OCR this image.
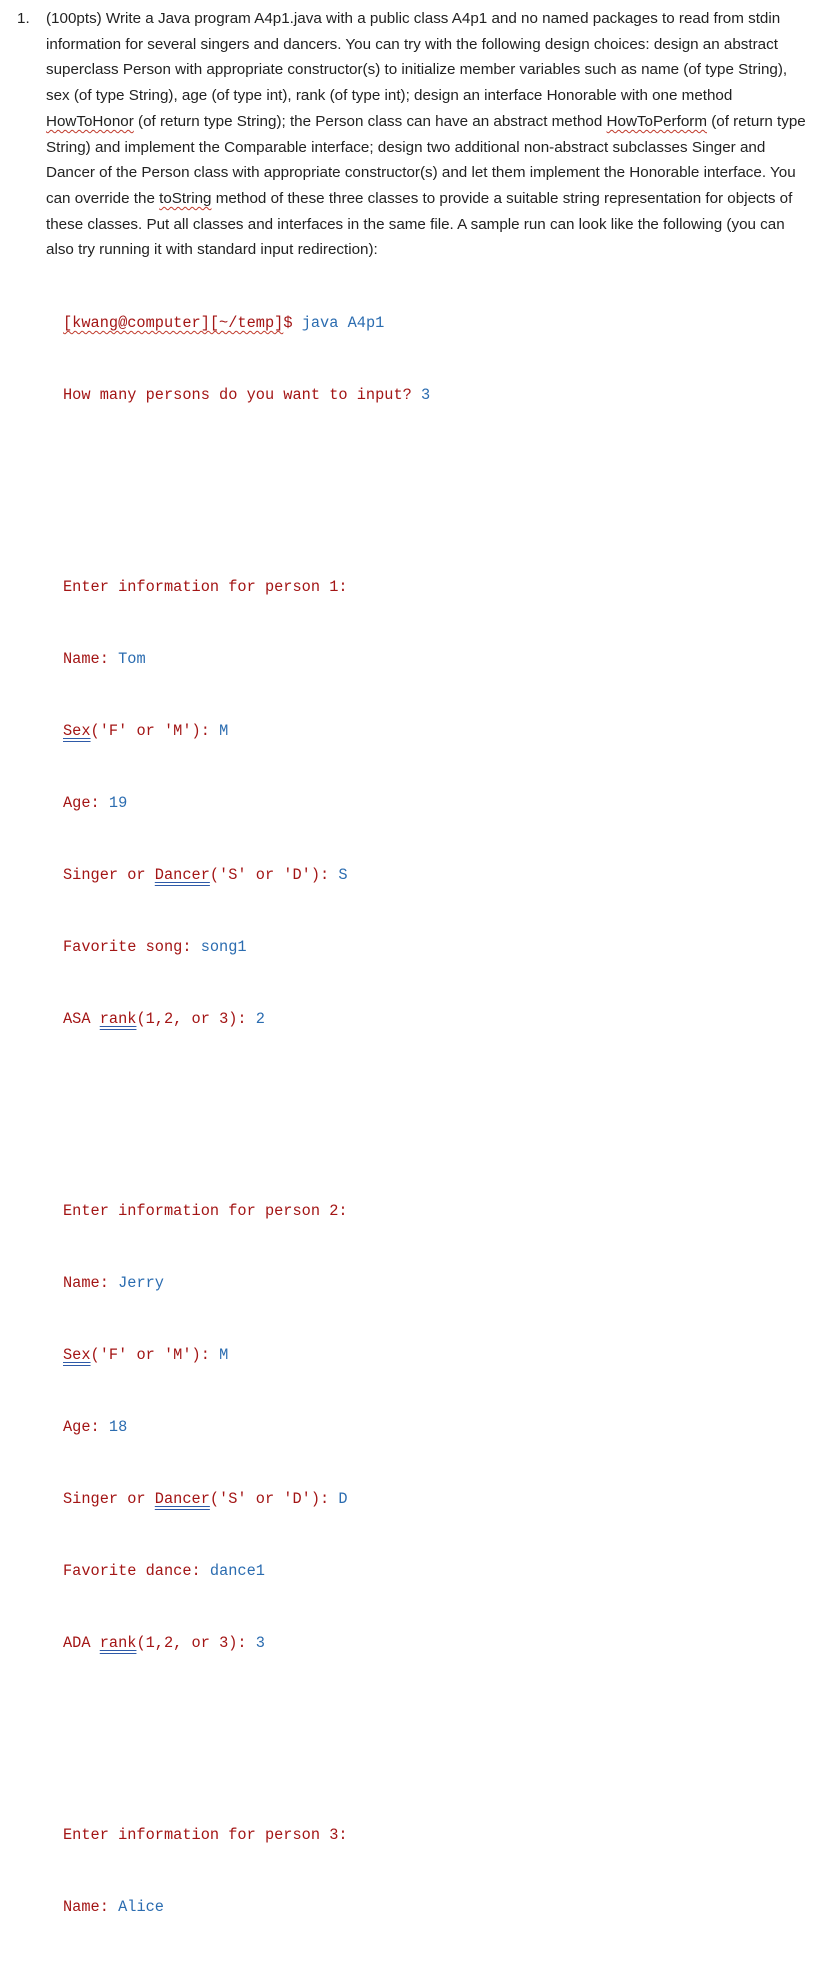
1.	(100pts) Write a Java program A4p1.java with a public class A4p1 and no named packages to read from stdin information for several singers and dancers. You can try with the following design choices: design an abstract superclass Person with appropriate constructor(s) to initialize member variables such as name (of type String), sex (of type String), age (of type int), rank (of type int); design an interface Honorable with one method HowToHonor (of return type String); the Person class can have an abstract method HowToPerform (of return type String) and implement the Comparable interface; design two additional non-abstract subclasses Singer and Dancer of the Person class with appropriate constructor(s) and let them implement the Honorable interface. You can override the toString method of these three classes to provide a suitable string representation for objects of these classes. Put all classes and interfaces in the same file. A sample run can look like the following (you can also try running it with standard input redirection):

[kwang@computer][~/temp]$ java A4p1

How many persons do you want to input? 3

Enter information for person 1:

Name: Tom

Sex('F' or 'M'): M

Age: 19

Singer or Dancer('S' or 'D'): S

Favorite song: song1

ASA rank(1,2, or 3): 2

Enter information for person 2:

Name: Jerry

Sex('F' or 'M'): M

Age: 18

Singer or Dancer('S' or 'D'): D

Favorite dance: dance1

ADA rank(1,2, or 3): 3

Enter information for person 3:

Name: Alice
